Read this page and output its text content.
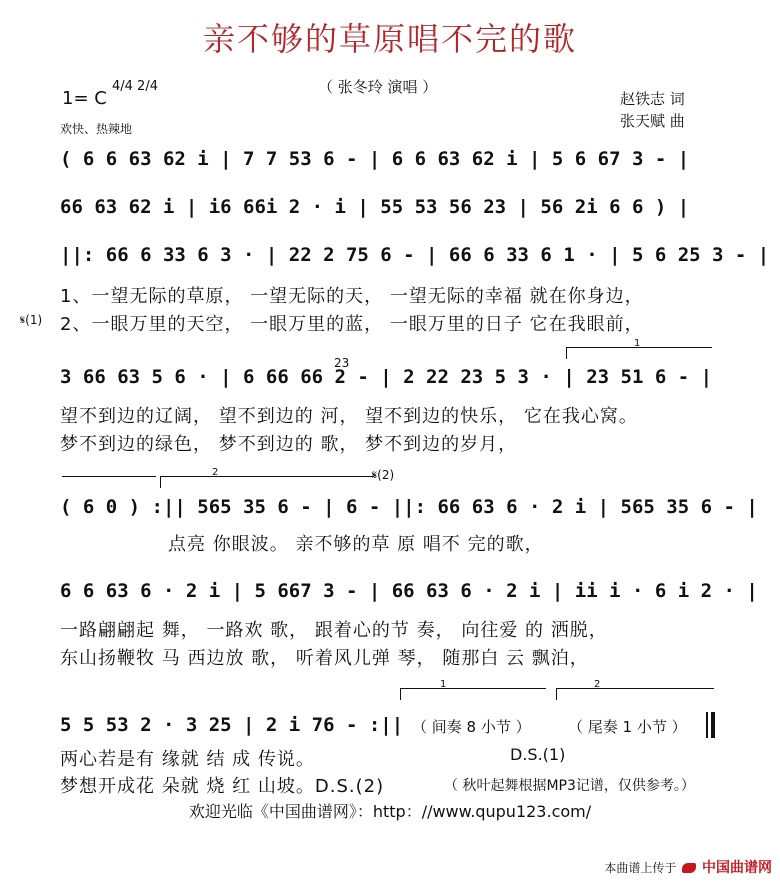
亲不够的草原唱不完的歌
（ 张冬玲 演唱 ）
1= C
4/4 2/4
欢快、热辣地
赵铁志 词
张天赋 曲
( 6 6 63 62 i | 7 7 53 6 - | 6 6 63 62 i | 5 6 67 3 - |
66 63 62 i | i6 66i 2 · i | 55 53 56 23 | 56 2i 6 6 ) |
||: 66 6 33 6 3 · | 22 2 75 6 - | 66 6 33 6 1 · | 5 6 25 3 - |
1、一望无际的草原， 一望无际的天， 一望无际的幸福 就在你身边，
2、一眼万里的天空， 一眼万里的蓝， 一眼万里的日子 它在我眼前，
𝄋(1)
1
23
3 66 63 5 6 · | 6 66 66 2 - | 2 22 23 5 3 · | 23 51 6 - |
望不到边的辽阔， 望不到边的 河， 望不到边的快乐， 它在我心窝。
梦不到边的绿色， 梦不到边的 歌， 梦不到边的岁月，
2	𝄋(2)
( 6 0 ) :|| 565 35 6 - | 6 - ||: 66 63 6 · 2 i | 565 35 6 - |
点亮 你眼波。 亲不够的草 原 唱不 完的歌，
6 6 63 6 · 2 i | 5 667 3 - | 66 63 6 · 2 i | ii i · 6 i 2 · |
一路翩翩起 舞， 一路欢 歌， 跟着心的节 奏， 向往爱 的 洒脱，
东山扬鞭牧 马 西边放 歌， 听着风儿弹 琴， 随那白 云 飘泊，
1	2
5 5 53 2 · 3 25 | 2 i 76 - :|| （ 间奏 8 小节 ） （ 尾奏 1 小节 ）
两心若是有 缘就 结 成 传说。	D.S.(1)
梦想开成花 朵就 烧 红 山坡。D.S.(2)	（ 秋叶起舞根据MP3记谱，仅供参考。）
欢迎光临《中国曲谱网》：http：//www.qupu123.com/
本曲谱上传于 中国曲谱网
